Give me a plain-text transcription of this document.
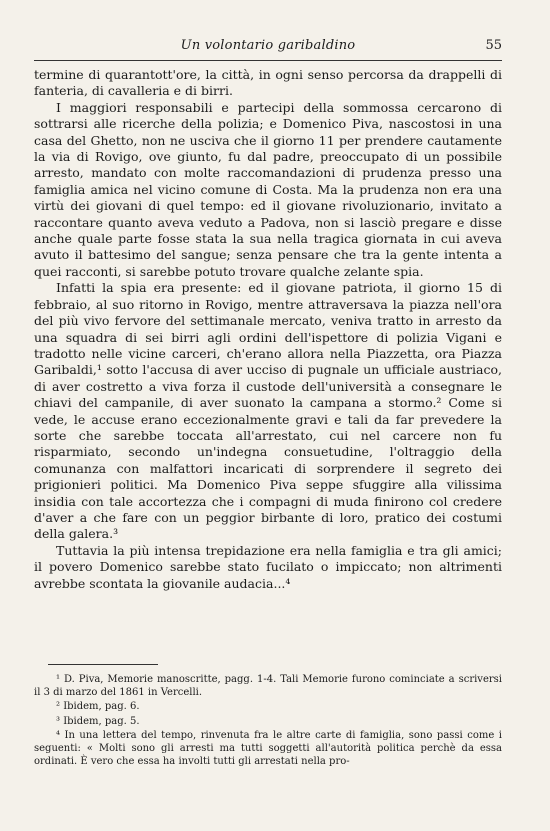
Un volontario garibaldino	55

termine di quarantott'ore, la città, in ogni senso percorsa da drappelli di fanteria, di cavalleria e di birri.

I maggiori responsabili e partecipi della sommossa cercarono di sottrarsi alle ricerche della polizia; e Domenico Piva, nascostosi in una casa del Ghetto, non ne usciva che il giorno 11 per prendere cautamente la via di Rovigo, ove giunto, fu dal padre, preoccupato di un possibile arresto, mandato con molte raccomandazioni di prudenza presso una famiglia amica nel vicino comune di Costa. Ma la prudenza non era una virtù dei giovani di quel tempo: ed il giovane rivoluzionario, invitato a raccontare quanto aveva veduto a Padova, non si lasciò pregare e disse anche quale parte fosse stata la sua nella tragica giornata in cui aveva avuto il battesimo del sangue; senza pensare che tra la gente intenta a quei racconti, si sarebbe potuto trovare qualche zelante spia.

Infatti la spia era presente: ed il giovane patriota, il giorno 15 di febbraio, al suo ritorno in Rovigo, mentre attraversava la piazza nell'ora del più vivo fervore del settimanale mercato, veniva tratto in arresto da una squadra di sei birri agli ordini dell'ispettore di polizia Vigani e tradotto nelle vicine carceri, ch'erano allora nella Piazzetta, ora Piazza Garibaldi,¹ sotto l'accusa di aver ucciso di pugnale un ufficiale austriaco, di aver costretto a viva forza il custode dell'università a consegnare le chiavi del campanile, di aver suonato la campana a stormo.² Come si vede, le accuse erano eccezionalmente gravi e tali da far prevedere la sorte che sarebbe toccata all'arrestato, cui nel carcere non fu risparmiato, secondo un'indegna consuetudine, l'oltraggio della comunanza con malfattori incaricati di sorprendere il segreto dei prigionieri politici. Ma Domenico Piva seppe sfuggire alla vilissima insidia con tale accortezza che i compagni di muda finirono col credere d'aver a che fare con un peggior birbante di loro, pratico dei costumi della galera.³

Tuttavia la più intensa trepidazione era nella famiglia e tra gli amici; il povero Domenico sarebbe stato fucilato o impiccato; non altrimenti avrebbe scontata la giovanile audacia...⁴

¹ D. Piva, Memorie manoscritte, pagg. 1-4. Tali Memorie furono cominciate a scriversi il 3 di marzo del 1861 in Vercelli.

² Ibidem, pag. 6.

³ Ibidem, pag. 5.

⁴ In una lettera del tempo, rinvenuta fra le altre carte di famiglia, sono passi come i seguenti: « Molti sono gli arresti ma tutti soggetti all'autorità politica perchè da essa ordinati. È vero che essa ha involti tutti gli arrestati nella pro-
